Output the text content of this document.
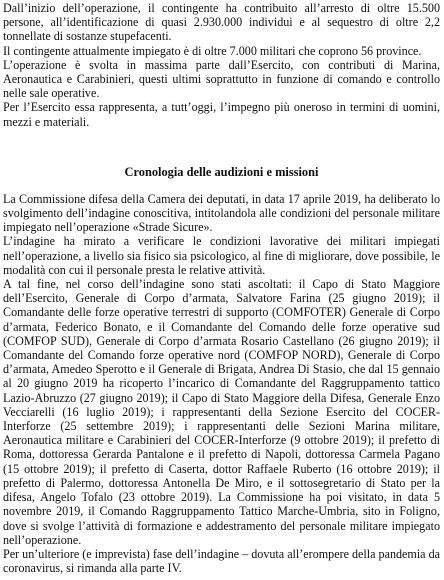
Dall’inizio dell’operazione, il contingente ha contribuito all’arresto di oltre 15.500 persone, all’identificazione di quasi 2.930.000 individui e al sequestro di oltre 2,2 tonnellate di sostanze stupefacenti.

Il contingente attualmente impiegato è di oltre 7.000 militari che coprono 56 province.

L’operazione è svolta in massima parte dall’Esercito, con contributi di Marina, Aeronautica e Carabinieri, questi ultimi soprattutto in funzione di comando e controllo nelle sale operative.

Per l’Esercito essa rappresenta, a tutt’oggi, l’impegno più oneroso in termini di uomini, mezzi e materiali.

Cronologia delle audizioni e missioni

La Commissione difesa della Camera dei deputati, in data 17 aprile 2019, ha deliberato lo svolgimento dell’indagine conoscitiva, intitolandola alle condizioni del personale militare impiegato nell’operazione «Strade Sicure».

L’indagine ha mirato a verificare le condizioni lavorative dei militari impiegati nell’operazione, a livello sia fisico sia psicologico, al fine di migliorare, dove possibile, le modalità con cui il personale presta le relative attività.

A tal fine, nel corso dell’indagine sono stati ascoltati: il Capo di Stato Maggiore dell’Esercito, Generale di Corpo d’armata, Salvatore Farina (25 giugno 2019); il Comandante delle forze operative terrestri di supporto (COMFOTER) Generale di Corpo d’armata, Federico Bonato, e il Comandante del Comando delle forze operative sud (COMFOP SUD), Generale di Corpo d’armata Rosario Castellano (26 giugno 2019); il Comandante del Comando forze operative nord (COMFOP NORD), Generale di Corpo d’armata, Amedeo Sperotto e il Generale di Brigata, Andrea Di Stasio, che dal 15 gennaio al 20 giugno 2019 ha ricoperto l’incarico di Comandante del Raggruppamento tattico Lazio-Abruzzo (27 giugno 2019); il Capo di Stato Maggiore della Difesa, Generale Enzo Vecciarelli (16 luglio 2019); i rappresentanti della Sezione Esercito del COCER-Interforze (25 settembre 2019); i rappresentanti delle Sezioni Marina militare, Aeronautica militare e Carabinieri del COCER-Interforze (9 ottobre 2019); il prefetto di Roma, dottoressa Gerarda Pantalone e il prefetto di Napoli, dottoressa Carmela Pagano (15 ottobre 2019); il prefetto di Caserta, dottor Raffaele Ruberto (16 ottobre 2019); il prefetto di Palermo, dottoressa Antonella De Miro, e il sottosegretario di Stato per la difesa, Angelo Tofalo (23 ottobre 2019). La Commissione ha poi visitato, in data 5 novembre 2019, il Comando Raggruppamento Tattico Marche-Umbria, sito in Foligno, dove si svolge l’attività di formazione e addestramento del personale militare impiegato nell’operazione.

Per un’ulteriore (e imprevista) fase dell’indagine – dovuta all’erompere della pandemia da coronavirus, si rimanda alla parte IV.
